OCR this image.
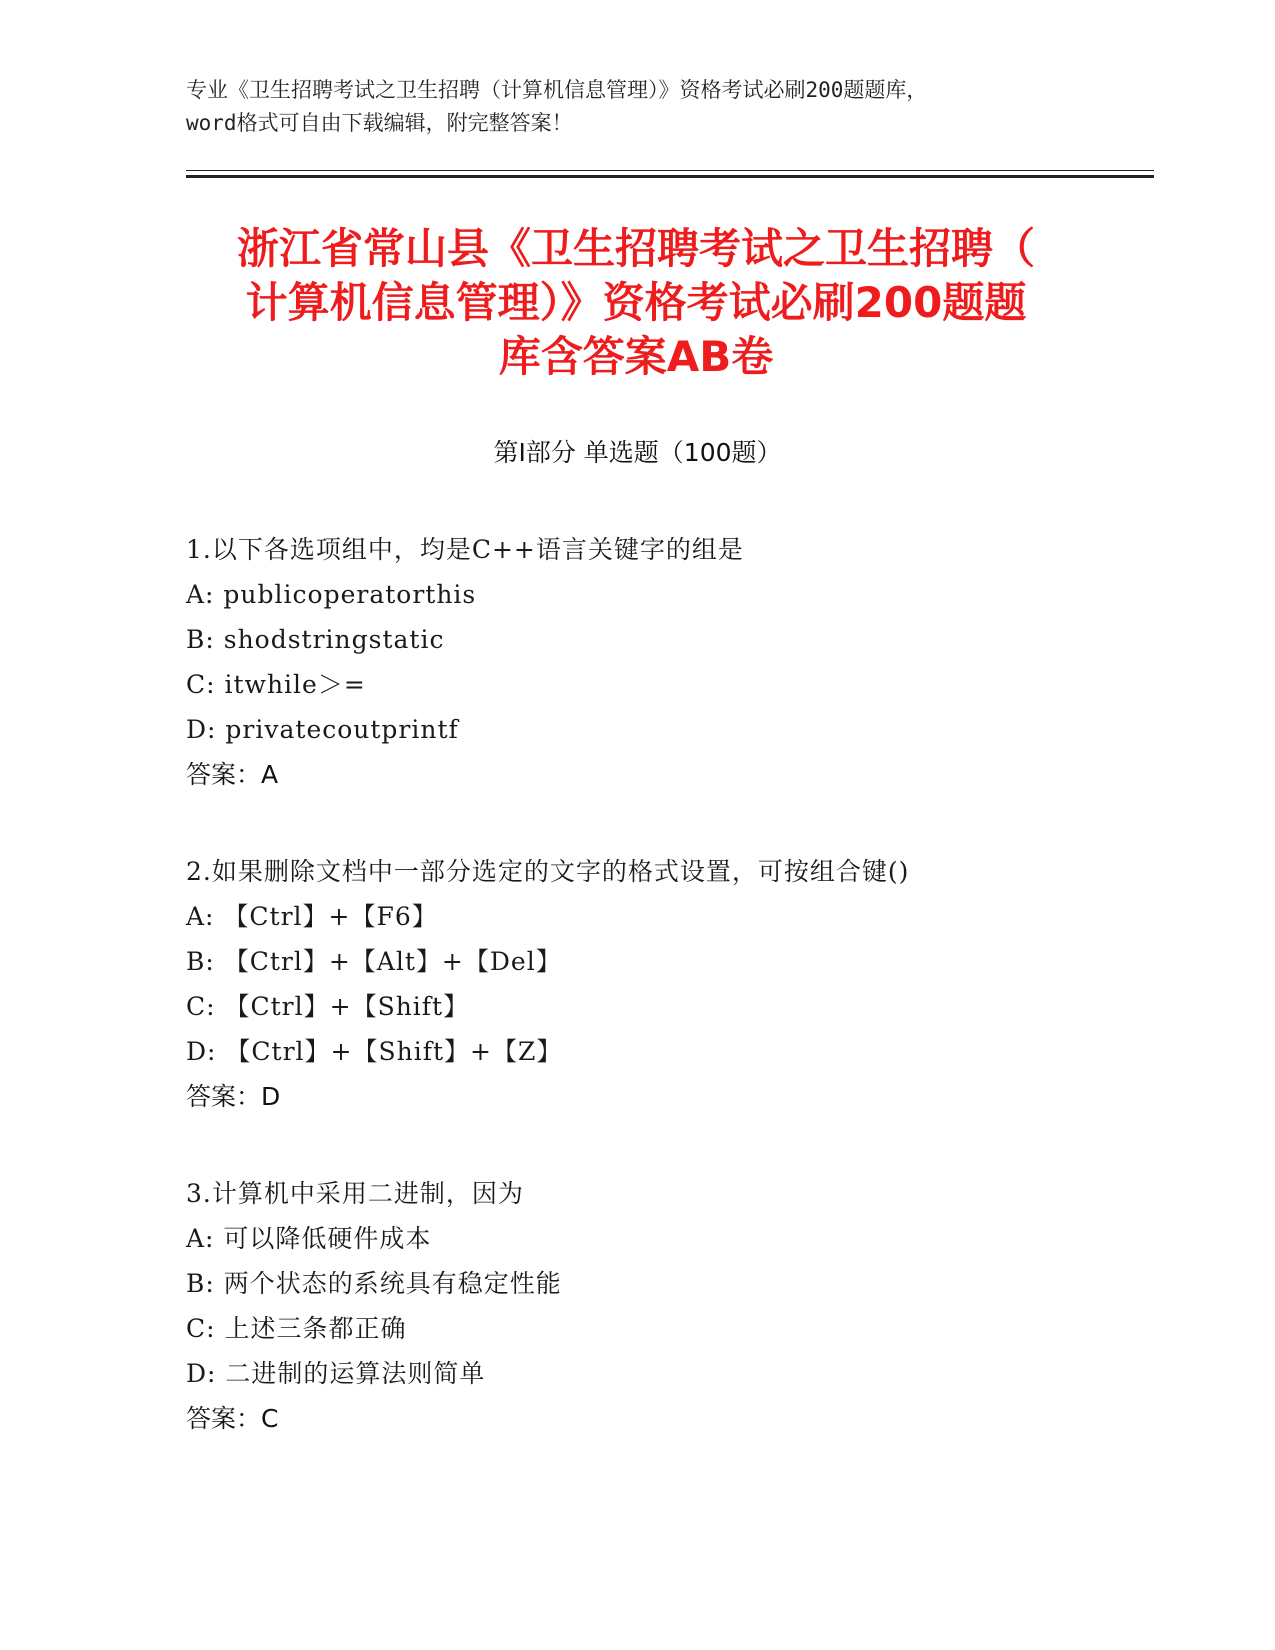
专业《卫生招聘考试之卫生招聘（计算机信息管理）》资格考试必刷200题题库，
word格式可自由下载编辑，附完整答案！
浙江省常山县《卫生招聘考试之卫生招聘（
计算机信息管理）》资格考试必刷200题题
库含答案AB卷
第Ⅰ部分 单选题（100题）
1.以下各选项组中，均是C++语言关键字的组是
A: publicoperatorthis
B: shodstringstatic
C: itwhile＞=
D: privatecoutprintf
答案：A
2.如果删除文档中一部分选定的文字的格式设置，可按组合键()
A: 【Ctrl】+【F6】
B: 【Ctrl】+【Alt】+【Del】
C: 【Ctrl】+【Shift】
D: 【Ctrl】+【Shift】+【Z】
答案：D
3.计算机中采用二进制，因为
A: 可以降低硬件成本
B: 两个状态的系统具有稳定性能
C: 上述三条都正确
D: 二进制的运算法则简单
答案：C
